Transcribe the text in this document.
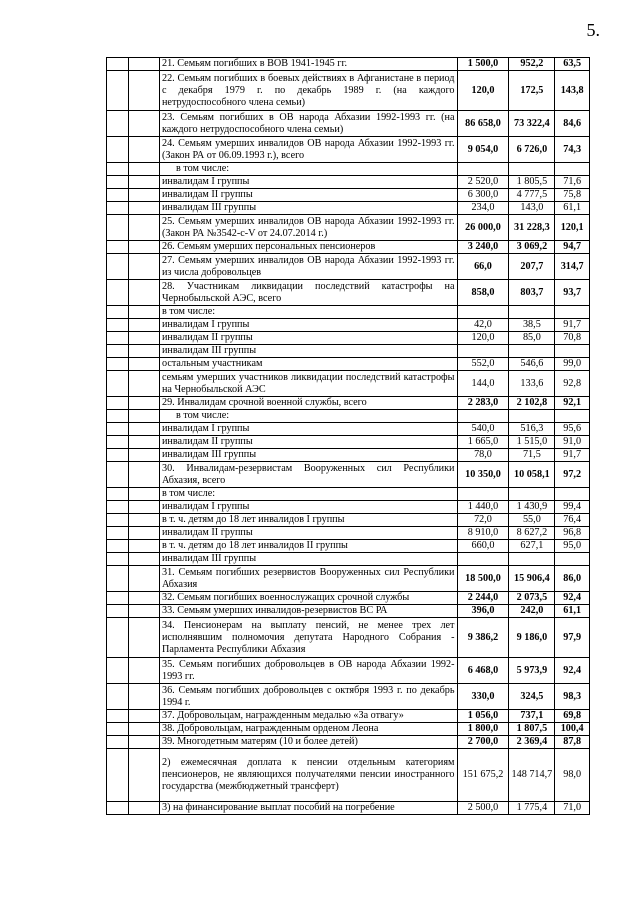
5.
		21. Семьям погибших в ВОВ 1941-1945 гг.	1 500,0	952,2	63,5
		22. Семьям погибших в боевых действиях в Афганистане в период с декабря 1979 г. по декабрь 1989 г. (на каждого нетрудоспособного члена семьи)	120,0	172,5	143,8
		23. Семьям погибших в ОВ народа Абхазии 1992-1993 гг. (на каждого нетрудоспособного члена семьи)	86 658,0	73 322,4	84,6
		24. Семьям умерших инвалидов ОВ народа Абхазии 1992-1993 гг. (Закон РА от 06.09.1993 г.), всего	9 054,0	6 726,0	74,3
		в том числе:			
		инвалидам I группы	2 520,0	1 805,5	71,6
		инвалидам II группы	6 300,0	4 777,5	75,8
		инвалидам III группы	234,0	143,0	61,1
		25. Семьям умерших инвалидов ОВ народа Абхазии 1992-1993 гг. (Закон РА №3542-с-V от 24.07.2014 г.)	26 000,0	31 228,3	120,1
		26. Семьям умерших персональных пенсионеров	3 240,0	3 069,2	94,7
		27. Семьям умерших инвалидов ОВ народа Абхазии 1992-1993 гг. из числа добровольцев	66,0	207,7	314,7
		28. Участникам ликвидации последствий катастрофы на Чернобыльской АЭС, всего	858,0	803,7	93,7
		в том числе:			
		инвалидам I группы	42,0	38,5	91,7
		инвалидам II группы	120,0	85,0	70,8
		инвалидам III группы			
		остальным участникам	552,0	546,6	99,0
		семьям умерших участников ликвидации последствий катастрофы на Чернобыльской АЭС	144,0	133,6	92,8
		29. Инвалидам срочной военной службы, всего	2 283,0	2 102,8	92,1
		в том числе:			
		инвалидам I группы	540,0	516,3	95,6
		инвалидам II группы	1 665,0	1 515,0	91,0
		инвалидам III группы	78,0	71,5	91,7
		30. Инвалидам-резервистам Вооруженных сил Республики Абхазия, всего	10 350,0	10 058,1	97,2
		в том числе:			
		инвалидам I группы	1 440,0	1 430,9	99,4
		в т. ч. детям до 18 лет инвалидов I группы	72,0	55,0	76,4
		инвалидам II группы	8 910,0	8 627,2	96,8
		в т. ч. детям до 18 лет инвалидов II группы	660,0	627,1	95,0
		инвалидам III группы			
		31. Семьям погибших резервистов Вооруженных сил Республики Абхазия	18 500,0	15 906,4	86,0
		32. Семьям погибших военнослужащих срочной службы	2 244,0	2 073,5	92,4
		33. Семьям умерших инвалидов-резервистов ВС РА	396,0	242,0	61,1
		34. Пенсионерам на выплату пенсий, не менее трех лет исполнявшим полномочия депутата Народного Собрания - Парламента Республики Абхазия	9 386,2	9 186,0	97,9
		35. Семьям погибших добровольцев в ОВ народа Абхазии 1992-1993 гг.	6 468,0	5 973,9	92,4
		36. Семьям погибших добровольцев с октября 1993 г. по декабрь 1994 г.	330,0	324,5	98,3
		37. Добровольцам, награжденным медалью «За отвагу»	1 056,0	737,1	69,8
		38. Добровольцам, награжденным орденом Леона	1 800,0	1 807,5	100,4
		39. Многодетным матерям (10 и более детей)	2 700,0	2 369,4	87,8
		2) ежемесячная доплата к пенсии отдельным категориям пенсионеров, не являющихся получателями пенсии иностранного государства (межбюджетный трансферт)	151 675,2	148 714,7	98,0
		3) на финансирование выплат пособий на погребение	2 500,0	1 775,4	71,0
